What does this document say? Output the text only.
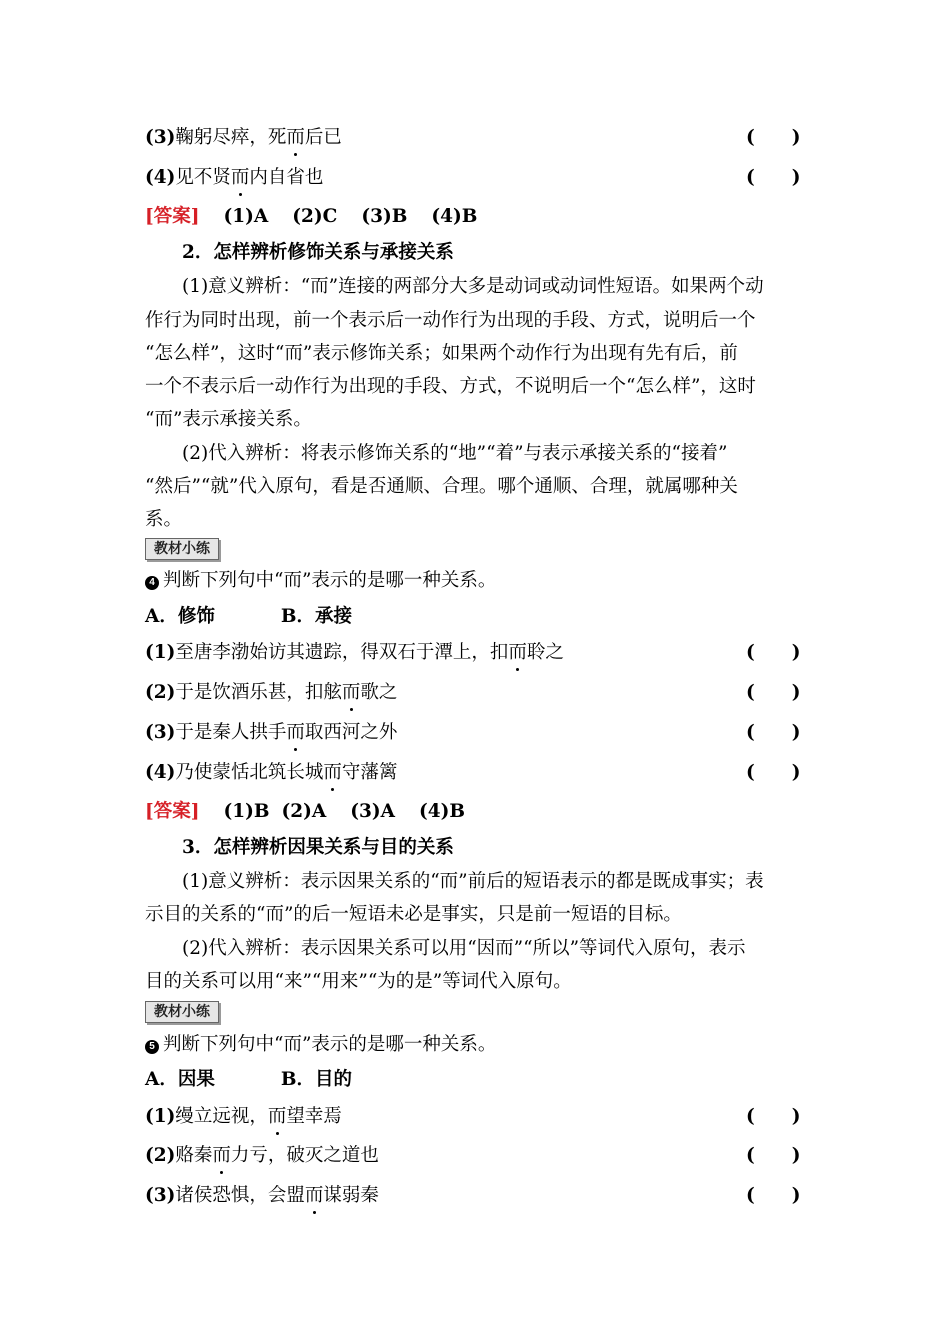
(3)鞠躬尽瘁，死而后已	(　　)
(4)见不贤而内自省也	(　　)
[答案] (1)A (2)C (3)B (4)B
2．怎样辨析修饰关系与承接关系
(1)意义辨析：“而”连接的两部分大多是动词或动词性短语。如果两个动
作行为同时出现，前一个表示后一动作行为出现的手段、方式，说明后一个
“怎么样”，这时“而”表示修饰关系；如果两个动作行为出现有先有后，前
一个不表示后一动作行为出现的手段、方式，不说明后一个“怎么样”，这时
“而”表示承接关系。
(2)代入辨析：将表示修饰关系的“地”“着”与表示承接关系的“接着”
“然后”“就”代入原句，看是否通顺、合理。哪个通顺、合理，就属哪种关
系。
教材小练
4 判断下列句中“而”表示的是哪一种关系。
A．修饰	B．承接
(1)至唐李渤始访其遗踪，得双石于潭上，扣而聆之	(　　)
(2)于是饮酒乐甚，扣舷而歌之	(　　)
(3)于是秦人拱手而取西河之外	(　　)
(4)乃使蒙恬北筑长城而守藩篱	(　　)
[答案] (1)B (2)A (3)A (4)B
3．怎样辨析因果关系与目的关系
(1)意义辨析：表示因果关系的“而”前后的短语表示的都是既成事实；表
示目的关系的“而”的后一短语未必是事实，只是前一短语的目标。
(2)代入辨析：表示因果关系可以用“因而”“所以”等词代入原句，表示
目的关系可以用“来”“用来”“为的是”等词代入原句。
教材小练
5 判断下列句中“而”表示的是哪一种关系。
A．因果	B．目的
(1)缦立远视，而望幸焉	(　　)
(2)赂秦而力亏，破灭之道也	(　　)
(3)诸侯恐惧，会盟而谋弱秦	(　　)
